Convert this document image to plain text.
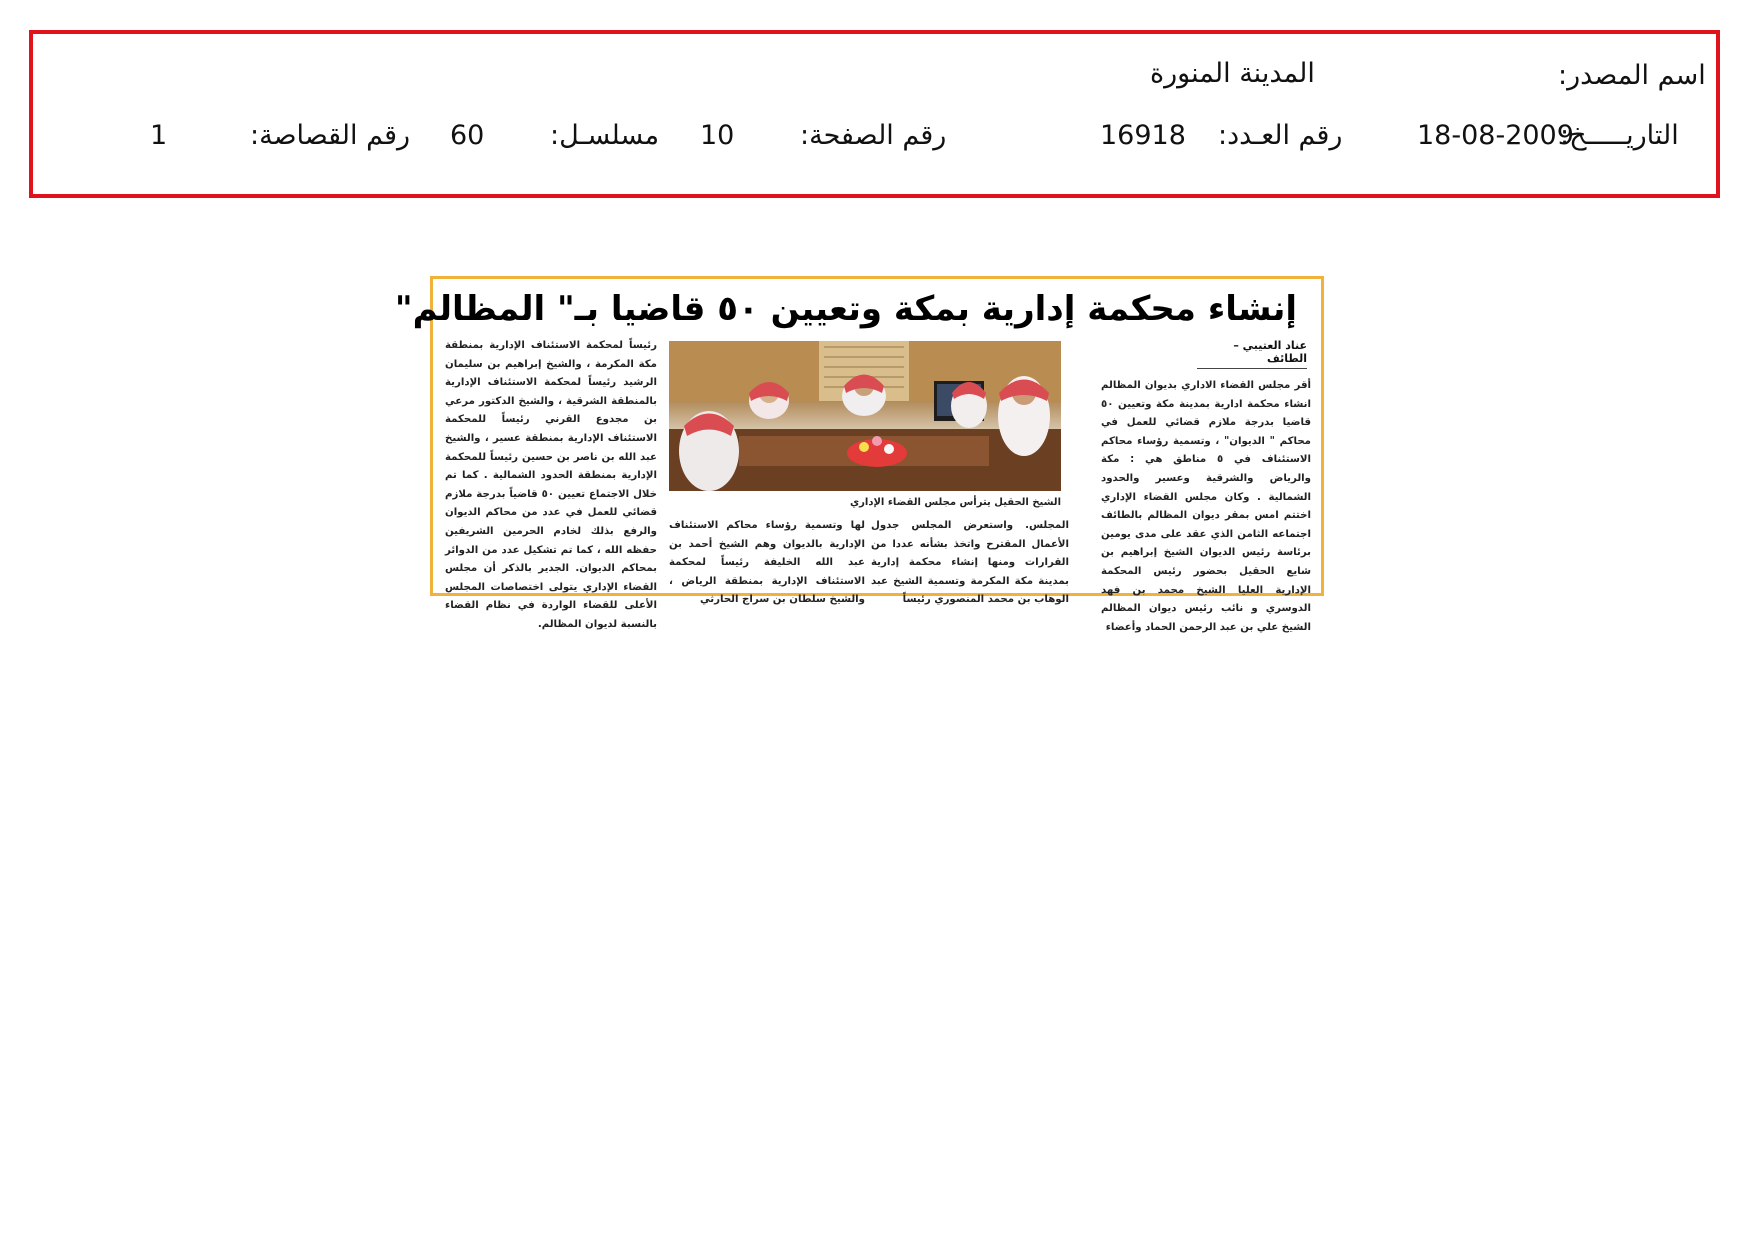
اسم المصدر:
المدينة المنورة
التاريـــــخ:
18-08-2009
رقم العـدد:
16918
رقم الصفحة:
10
مسلسـل:
60
رقم القصاصة:
1
إنشاء محكمة إدارية بمكة وتعيين ٥٠ قاضيا بـ" المظالم"
عناد العتيبي – الطائف
أقر مجلس القضاء الاداري بديوان المظالم انشاء محكمة ادارية بمدينة مكة وتعيين ٥٠ قاضيا بدرجة ملازم قضائي للعمل في محاكم " الديوان" ، وتسمية رؤساء محاكم الاستئناف في ٥ مناطق هي : مكة والرياض والشرقية وعسير والحدود الشمالية . وكان مجلس القضاء الإداري اختتم امس بمقر ديوان المظالم بالطائف اجتماعه الثامن الذي عقد على مدى يومين برئاسة رئيس الديوان الشيخ إبراهيم بن شايع الحقيل بحضور رئيس المحكمة الإدارية العليا الشيخ محمد بن فهد الدوسري و نائب رئيس ديوان المظالم الشيخ علي بن عبد الرحمن الحماد وأعضاء
الشيخ الحقيل يترأس مجلس القضاء الإداري
المجلس. واستعرض المجلس جدول الأعمال المقترح واتخذ بشأنه عددا من القرارات ومنها إنشاء محكمة إدارية بمدينة مكة المكرمة وتسمية الشيخ عبد الوهاب بن محمد المنصوري رئيساً
لها وتسمية رؤساء محاكم الاستئناف الإدارية بالديوان وهم الشيخ أحمد بن عبد الله الخليفة رئيساً لمحكمة الاستئناف الإدارية بمنطقة الرياض ، والشيخ سلطان بن سراج الحارثي
رئيساً لمحكمة الاستئناف الإدارية بمنطقة مكة المكرمة ، والشيخ إبراهيم بن سليمان الرشيد رئيساً لمحكمة الاستئناف الإدارية بالمنطقة الشرقية ، والشيخ الدكتور مرعي بن مجدوع القرني رئيساً للمحكمة الاستئناف الإدارية بمنطقة عسير ، والشيخ عبد الله بن ناصر بن حسين رئيساً للمحكمة الإدارية بمنطقة الحدود الشمالية . كما تم خلال الاجتماع تعيين ٥٠ قاضياً بدرجة ملازم قضائي للعمل في عدد من محاكم الديوان والرفع بذلك لخادم الحرمين الشريفين حفظه الله ، كما تم تشكيل عدد من الدوائر بمحاكم الديوان. الجدير بالذكر أن مجلس القضاء الإداري يتولى اختصاصات المجلس الأعلى للقضاء الواردة في نظام القضاء بالنسبة لديوان المظالم.
